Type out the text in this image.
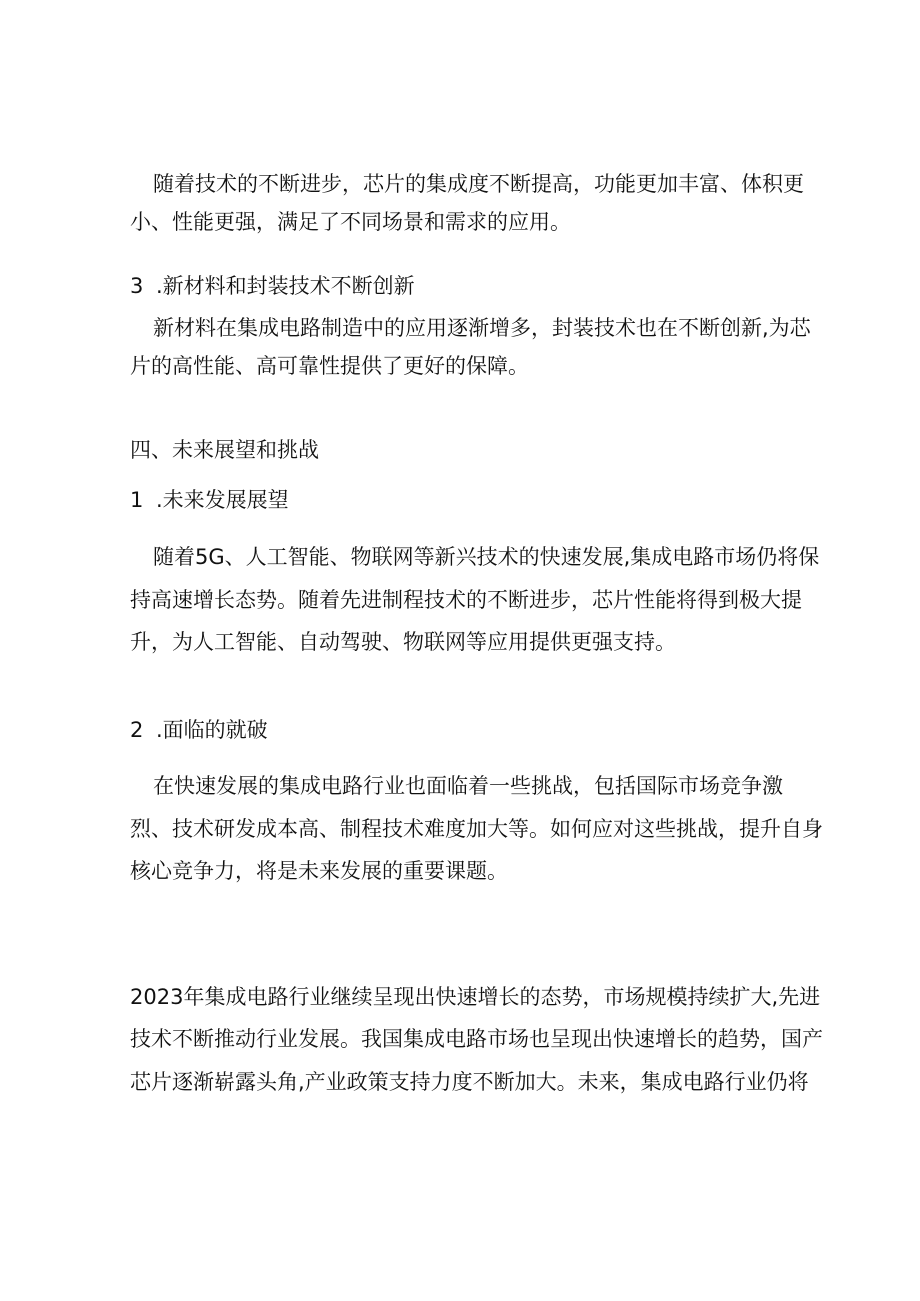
随着技术的不断进步，芯片的集成度不断提高，功能更加丰富、体积更
小、性能更强，满足了不同场景和需求的应用。
3 .新材料和封装技术不断创新
新材料在集成电路制造中的应用逐渐增多，封装技术也在不断创新,为芯
片的高性能、高可靠性提供了更好的保障。
四、未来展望和挑战
1 .未来发展展望
随着5G、人工智能、物联网等新兴技术的快速发展,集成电路市场仍将保
持高速增长态势。随着先进制程技术的不断进步，芯片性能将得到极大提
升，为人工智能、自动驾驶、物联网等应用提供更强支持。
2 .面临的就破
在快速发展的集成电路行业也面临着一些挑战，包括国际市场竞争激
烈、技术研发成本高、制程技术难度加大等。如何应对这些挑战，提升自身
核心竞争力，将是未来发展的重要课题。
2023年集成电路行业继续呈现出快速增长的态势，市场规模持续扩大,先进
技术不断推动行业发展。我国集成电路市场也呈现出快速增长的趋势，国产
芯片逐渐崭露头角,产业政策支持力度不断加大。未来，集成电路行业仍将
